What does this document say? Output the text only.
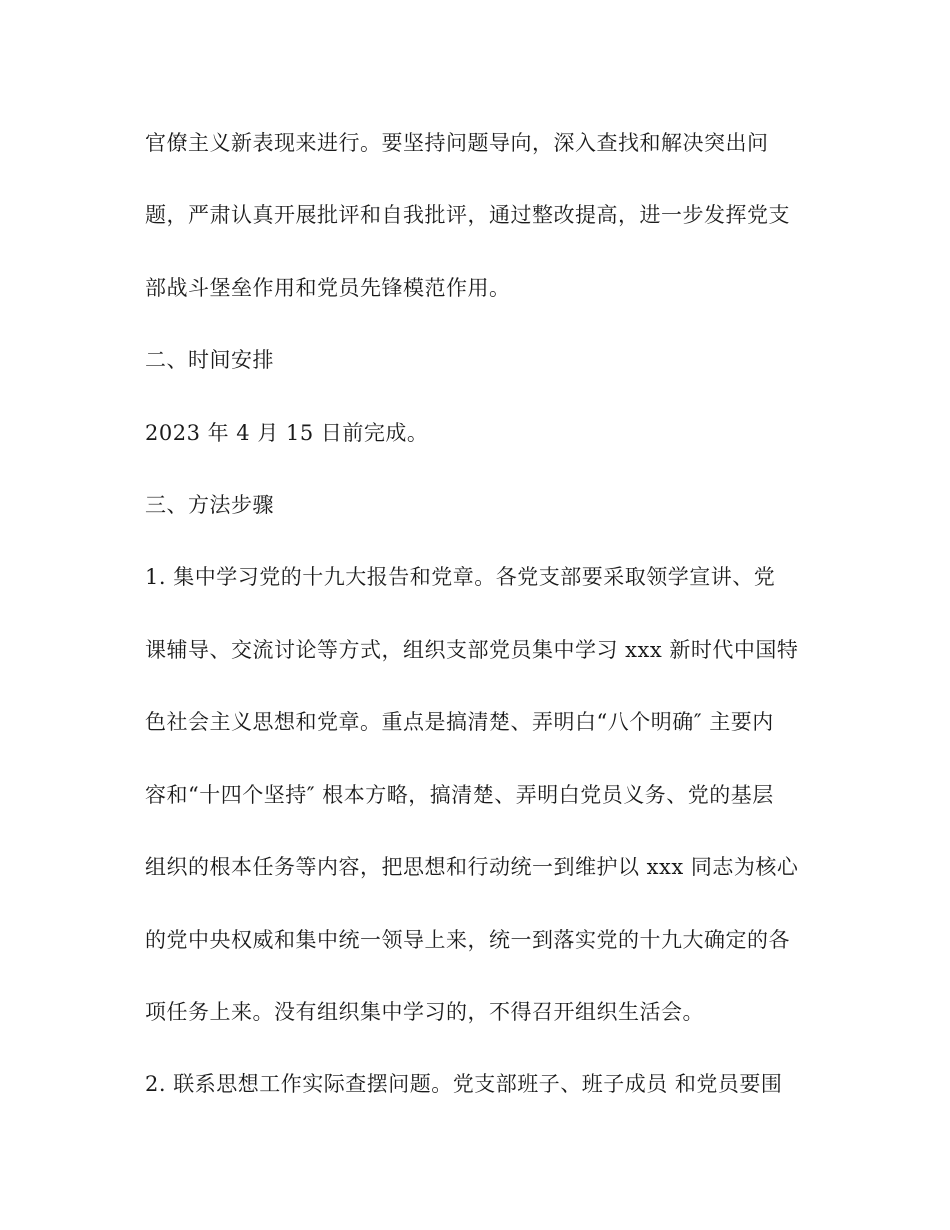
官僚主义新表现来进行。要坚持问题导向，深入查找和解决突出问
题，严肃认真开展批评和自我批评，通过整改提高，进一步发挥党支
部战斗堡垒作用和党员先锋模范作用。
二、时间安排
2023 年 4 月 15 日前完成。
三、方法步骤
1. 集中学习党的十九大报告和党章。各党支部要采取领学宣讲、党
课辅导、交流讨论等方式，组织支部党员集中学习 xxx 新时代中国特
色社会主义思想和党章。重点是搞清楚、弄明白“八个明确″ 主要内
容和“十四个坚持″ 根本方略，搞清楚、弄明白党员义务、党的基层
组织的根本任务等内容，把思想和行动统一到维护以 xxx 同志为核心
的党中央权威和集中统一领导上来，统一到落实党的十九大确定的各
项任务上来。没有组织集中学习的，不得召开组织生活会。
2. 联系思想工作实际查摆问题。党支部班子、班子成员 和党员要围
